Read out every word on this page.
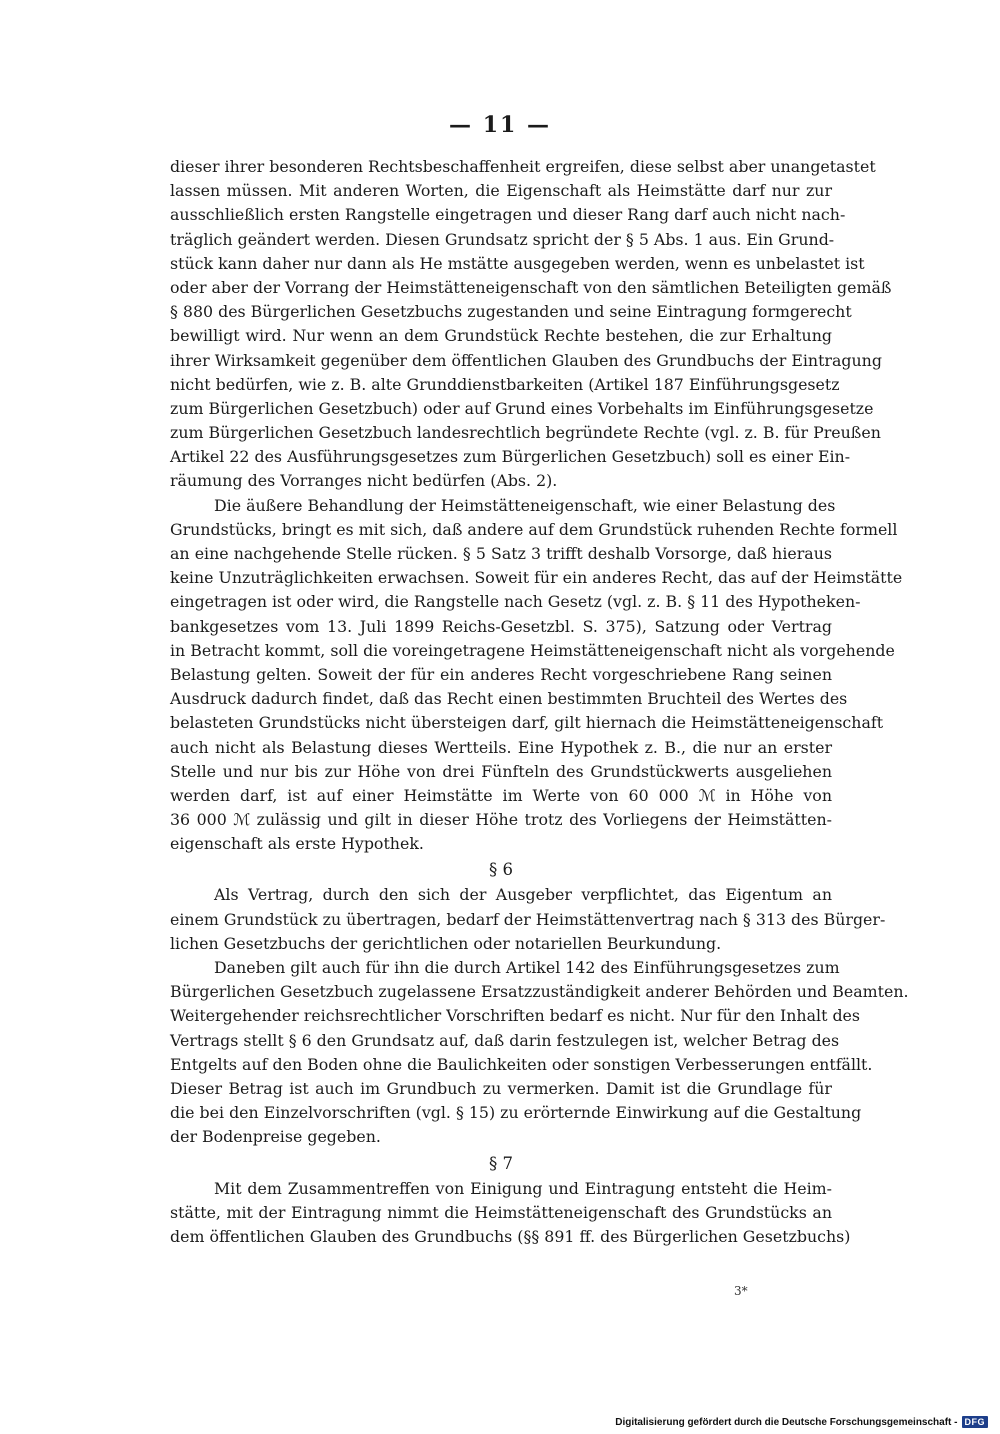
— 11 —
dieser ihrer besonderen Rechtsbeschaffenheit ergreifen, diese selbst aber unangetastet
lassen müssen. Mit anderen Worten, die Eigenschaft als Heimstätte darf nur zur
ausschließlich ersten Rangstelle eingetragen und dieser Rang darf auch nicht nach-
träglich geändert werden. Diesen Grundsatz spricht der § 5 Abs. 1 aus. Ein Grund-
stück kann daher nur dann als He mstätte ausgegeben werden, wenn es unbelastet ist
oder aber der Vorrang der Heimstätteneigenschaft von den sämtlichen Beteiligten gemäß
§ 880 des Bürgerlichen Gesetzbuchs zugestanden und seine Eintragung formgerecht
bewilligt wird. Nur wenn an dem Grundstück Rechte bestehen, die zur Erhaltung
ihrer Wirksamkeit gegenüber dem öffentlichen Glauben des Grundbuchs der Eintragung
nicht bedürfen, wie z. B. alte Grunddienstbarkeiten (Artikel 187 Einführungsgesetz
zum Bürgerlichen Gesetzbuch) oder auf Grund eines Vorbehalts im Einführungsgesetze
zum Bürgerlichen Gesetzbuch landesrechtlich begründete Rechte (vgl. z. B. für Preußen
Artikel 22 des Ausführungsgesetzes zum Bürgerlichen Gesetzbuch) soll es einer Ein-
räumung des Vorranges nicht bedürfen (Abs. 2).
Die äußere Behandlung der Heimstätteneigenschaft, wie einer Belastung des
Grundstücks, bringt es mit sich, daß andere auf dem Grundstück ruhenden Rechte formell
an eine nachgehende Stelle rücken. § 5 Satz 3 trifft deshalb Vorsorge, daß hieraus
keine Unzuträglichkeiten erwachsen. Soweit für ein anderes Recht, das auf der Heimstätte
eingetragen ist oder wird, die Rangstelle nach Gesetz (vgl. z. B. § 11 des Hypotheken-
bankgesetzes vom 13. Juli 1899 Reichs-Gesetzbl. S. 375), Satzung oder Vertrag
in Betracht kommt, soll die voreingetragene Heimstätteneigenschaft nicht als vorgehende
Belastung gelten. Soweit der für ein anderes Recht vorgeschriebene Rang seinen
Ausdruck dadurch findet, daß das Recht einen bestimmten Bruchteil des Wertes des
belasteten Grundstücks nicht übersteigen darf, gilt hiernach die Heimstätteneigenschaft
auch nicht als Belastung dieses Wertteils. Eine Hypothek z. B., die nur an erster
Stelle und nur bis zur Höhe von drei Fünfteln des Grundstückwerts ausgeliehen
werden darf, ist auf einer Heimstätte im Werte von 60 000 ℳ in Höhe von
36 000 ℳ zulässig und gilt in dieser Höhe trotz des Vorliegens der Heimstätten-
eigenschaft als erste Hypothek.
§ 6
Als Vertrag, durch den sich der Ausgeber verpflichtet, das Eigentum an
einem Grundstück zu übertragen, bedarf der Heimstättenvertrag nach § 313 des Bürger-
lichen Gesetzbuchs der gerichtlichen oder notariellen Beurkundung.
Daneben gilt auch für ihn die durch Artikel 142 des Einführungsgesetzes zum
Bürgerlichen Gesetzbuch zugelassene Ersatzzuständigkeit anderer Behörden und Beamten.
Weitergehender reichsrechtlicher Vorschriften bedarf es nicht. Nur für den Inhalt des
Vertrags stellt § 6 den Grundsatz auf, daß darin festzulegen ist, welcher Betrag des
Entgelts auf den Boden ohne die Baulichkeiten oder sonstigen Verbesserungen entfällt.
Dieser Betrag ist auch im Grundbuch zu vermerken. Damit ist die Grundlage für
die bei den Einzelvorschriften (vgl. § 15) zu erörternde Einwirkung auf die Gestaltung
der Bodenpreise gegeben.
§ 7
Mit dem Zusammentreffen von Einigung und Eintragung entsteht die Heim-
stätte, mit der Eintragung nimmt die Heimstätteneigenschaft des Grundstücks an
dem öffentlichen Glauben des Grundbuchs (§§ 891 ff. des Bürgerlichen Gesetzbuchs)
3*
Digitalisierung gefördert durch die Deutsche Forschungsgemeinschaft - DFG
